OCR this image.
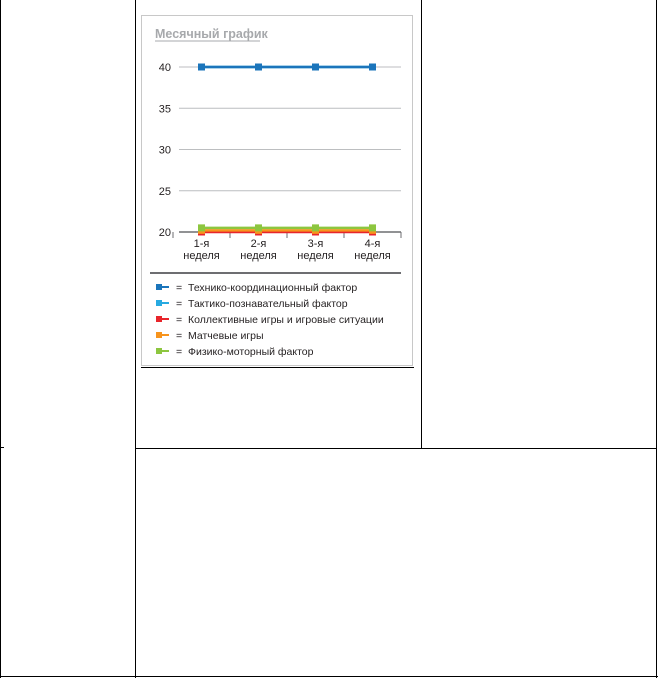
Месячный график
20
25
30
35
40
1-я
неделя
2-я
неделя
3-я
неделя
4-я
неделя
= Технико-координационный фактор
= Тактико-познавательный фактор
= Коллективные игры и игровые ситуации
= Матчевые игры
= Физико-моторный фактор
